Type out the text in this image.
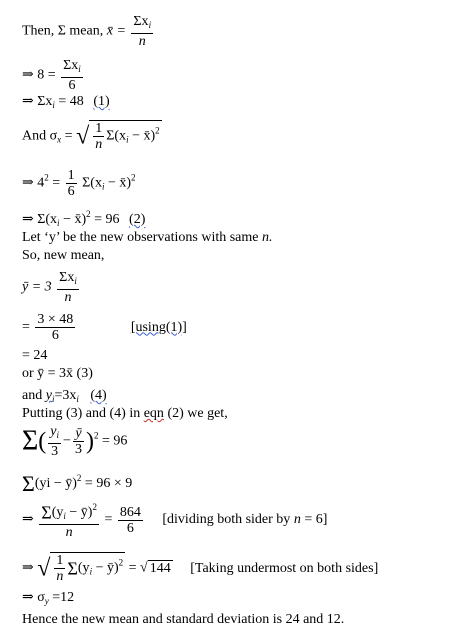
Then, Σ mean, x̄ = $\frac{\Sigma x_i}{n}$
⇒ $8 = \frac{\Sigma x_i}{6}$
⇒ $\Sigma x_i = 48$ (1)
And $\sigma_x$ = √ $\frac{1}{n} \Sigma(x_i$ − x̄)$^2$
⇒ $4^2 = \frac{1}{6} \Sigma(x_i$ − x̄)$^2$
⇒ $\Sigma(x_i$ − x̄)$^2$ = 96 (2)
Let ‘y’ be the new observations with same n.
So, new mean,
ȳ = $3 \frac{\Sigma x_i}{n}$
= $\frac{3 \times 48}{6}$	[using(1)]
= 24
or ȳ = 3x̄ (3)
and $y_i=3x_i$ (4)
Putting (3) and (4) in eqn (2) we get,
$\Sigma( \frac{y_i}{3} - \frac{ȳ}{3} )^2 = 96$
Σ(yi − ȳ)$^2$ = 96 × 9
⇒ $\frac{\Sigma(y_i - ȳ)^2}{n} = \frac{864}{6}$ [dividing both sider by n = 6]
⇒ √ $\frac{1}{n} \Sigma(y_i$ − ȳ)$^2$ = √ 144 [Taking undermost on both sides]
⇒ $\sigma_y =12$
Hence the new mean and standard deviation is 24 and 12.
